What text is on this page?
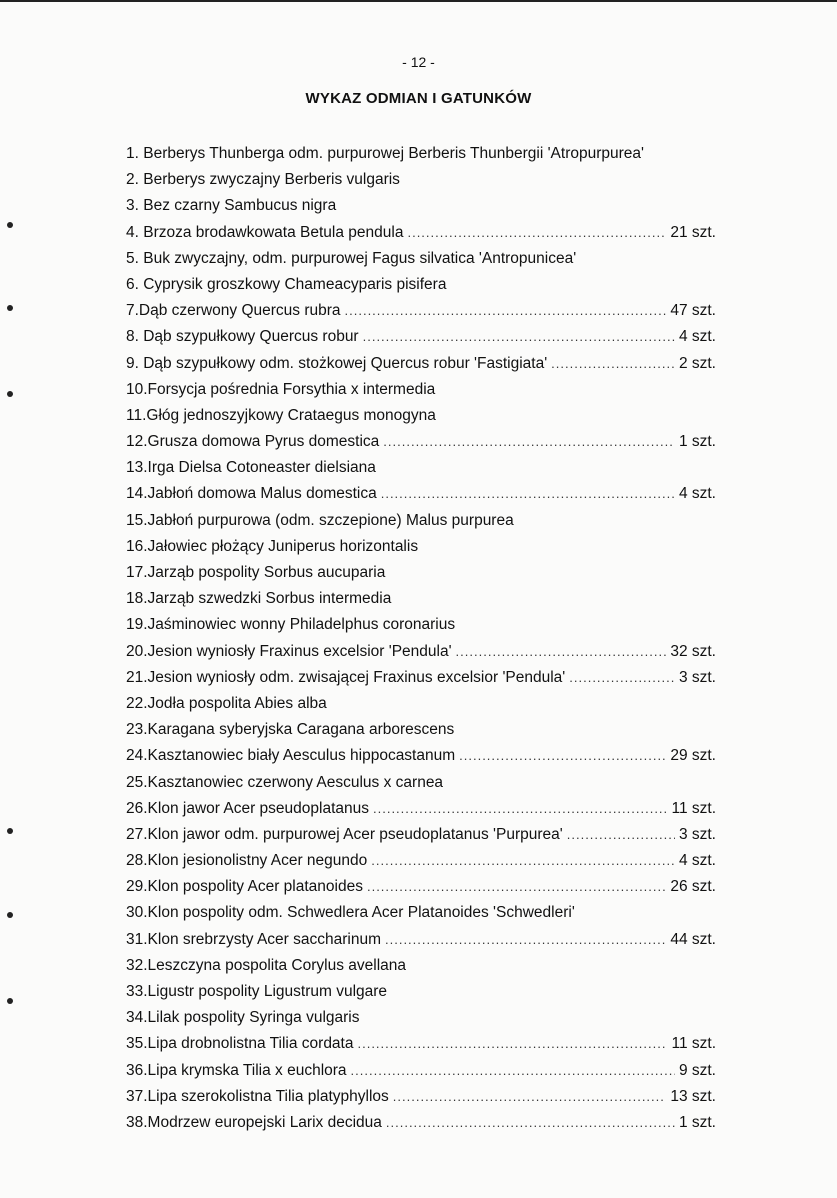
- 12 -
WYKAZ ODMIAN I GATUNKÓW
1. Berberys Thunberga odm. purpurowej Berberis Thunbergii 'Atropurpurea'
2. Berberys zwyczajny Berberis vulgaris
3. Bez czarny Sambucus nigra
4. Brzoza brodawkowata Betula pendula .....	21 szt.
5. Buk zwyczajny, odm. purpurowej Fagus silvatica 'Antropunicea'
6. Cyprysik groszkowy Chameacyparis pisifera
7.Dąb czerwony Quercus rubra .....	47 szt.
8. Dąb szypułkowy Quercus robur .....	4 szt.
9. Dąb szypułkowy odm. stożkowej Quercus robur 'Fastigiata' .....	2 szt.
10.Forsycja pośrednia Forsythia x intermedia
11.Głóg jednoszyjkowy Crataegus monogyna
12.Grusza domowa Pyrus domestica .....	1 szt.
13.Irga Dielsa Cotoneaster dielsiana
14.Jabłoń domowa Malus domestica .....	4 szt.
15.Jabłoń purpurowa (odm. szczepione) Malus purpurea
16.Jałowiec płożący Juniperus horizontalis
17.Jarząb pospolity Sorbus aucuparia
18.Jarząb szwedzki Sorbus intermedia
19.Jaśminowiec wonny Philadelphus coronarius
20.Jesion wyniosły Fraxinus excelsior 'Pendula' .....	32 szt.
21.Jesion wyniosły odm. zwisającej Fraxinus excelsior 'Pendula' .....	3 szt.
22.Jodła pospolita Abies alba
23.Karagana syberyjska Caragana arborescens
24.Kasztanowiec biały Aesculus hippocastanum .....	29 szt.
25.Kasztanowiec czerwony Aesculus x carnea
26.Klon jawor Acer pseudoplatanus .....	11 szt.
27.Klon jawor odm. purpurowej Acer pseudoplatanus 'Purpurea' .....	3 szt.
28.Klon jesionolistny Acer negundo .....	4 szt.
29.Klon pospolity Acer platanoides .....	26 szt.
30.Klon pospolity odm. Schwedlera Acer Platanoides 'Schwedleri'
31.Klon srebrzysty Acer saccharinum .....	44 szt.
32.Leszczyna pospolita Corylus avellana
33.Ligustr pospolity Ligustrum vulgare
34.Lilak pospolity Syringa vulgaris
35.Lipa drobnolistna Tilia cordata .....	11 szt.
36.Lipa krymska Tilia x euchlora .....	9 szt.
37.Lipa szerokolistna Tilia platyphyllos .....	13 szt.
38.Modrzew europejski Larix decidua .....	1 szt.
